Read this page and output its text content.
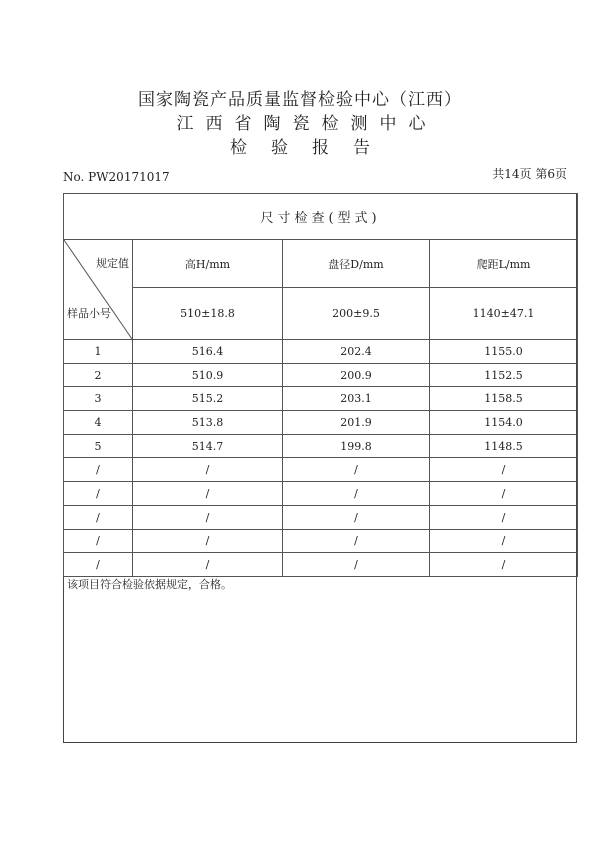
国家陶瓷产品质量监督检验中心（江西）
江西省陶瓷检测中心
检验报告
No. PW20171017	共14页 第6页
尺寸检查(型式)			

规定值
样品小号	高H/mm	盘径D/mm	爬距L/mm
	510±18.8	200±9.5	1140±47.1
1	516.4	202.4	1155.0
2	510.9	200.9	1152.5
3	515.2	203.1	1158.5
4	513.8	201.9	1154.0
5	514.7	199.8	1148.5
/	/	/	/
/	/	/	/
/	/	/	/
/	/	/	/
/	/	/	/
该项目符合检验依据规定，合格。
